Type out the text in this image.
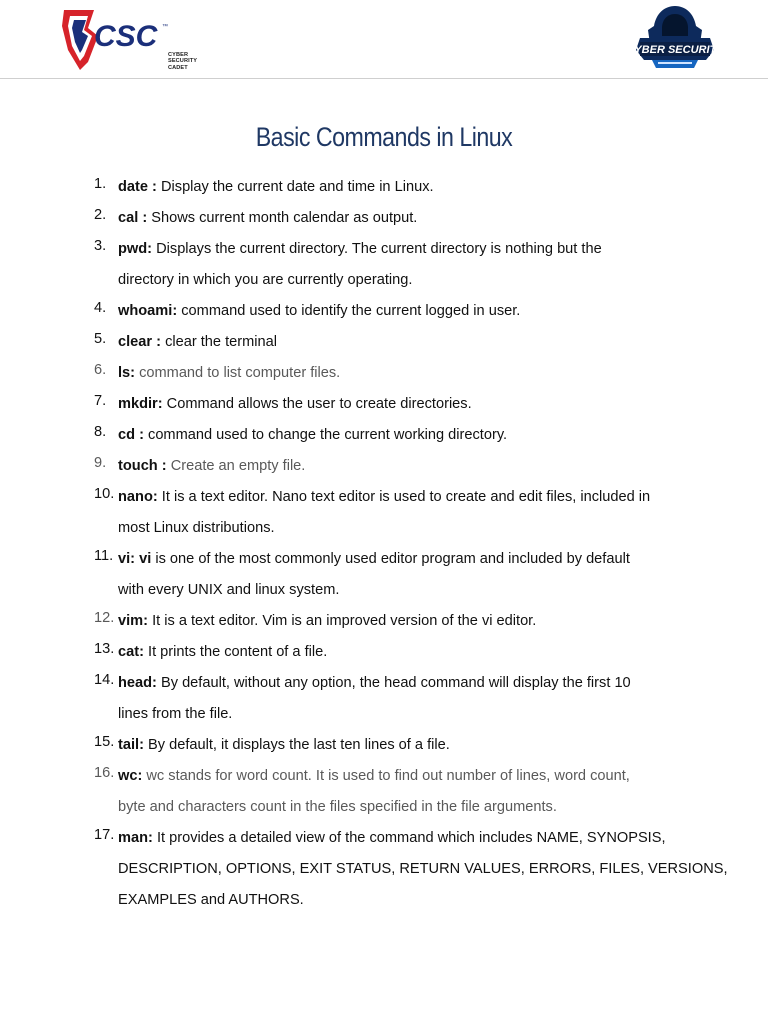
CSC ™
CYBER SECURITY
CADET
CYBER SECURITY
Basic Commands in Linux
1. date : Display the current date and time in Linux.
2. cal : Shows current month calendar as output.
3. pwd: Displays the current directory. The current directory is nothing but the
directory in which you are currently operating.
4. whoami: command used to identify the current logged in user.
5. clear : clear the terminal
6. ls: command to list computer files.
7. mkdir: Command allows the user to create directories.
8. cd : command used to change the current working directory.
9. touch : Create an empty file.
10. nano: It is a text editor. Nano text editor is used to create and edit files, included in
most Linux distributions.
11. vi: vi is one of the most commonly used editor program and included by default
with every UNIX and linux system.
12. vim: It is a text editor. Vim is an improved version of the vi editor.
13. cat: It prints the content of a file.
14. head: By default, without any option, the head command will display the first 10
lines from the file.
15. tail: By default, it displays the last ten lines of a file.
16. wc: wc stands for word count. It is used to find out number of lines, word count,
byte and characters count in the files specified in the file arguments.
17. man: It provides a detailed view of the command which includes NAME, SYNOPSIS,
DESCRIPTION, OPTIONS, EXIT STATUS, RETURN VALUES, ERRORS, FILES, VERSIONS,
EXAMPLES and AUTHORS.
